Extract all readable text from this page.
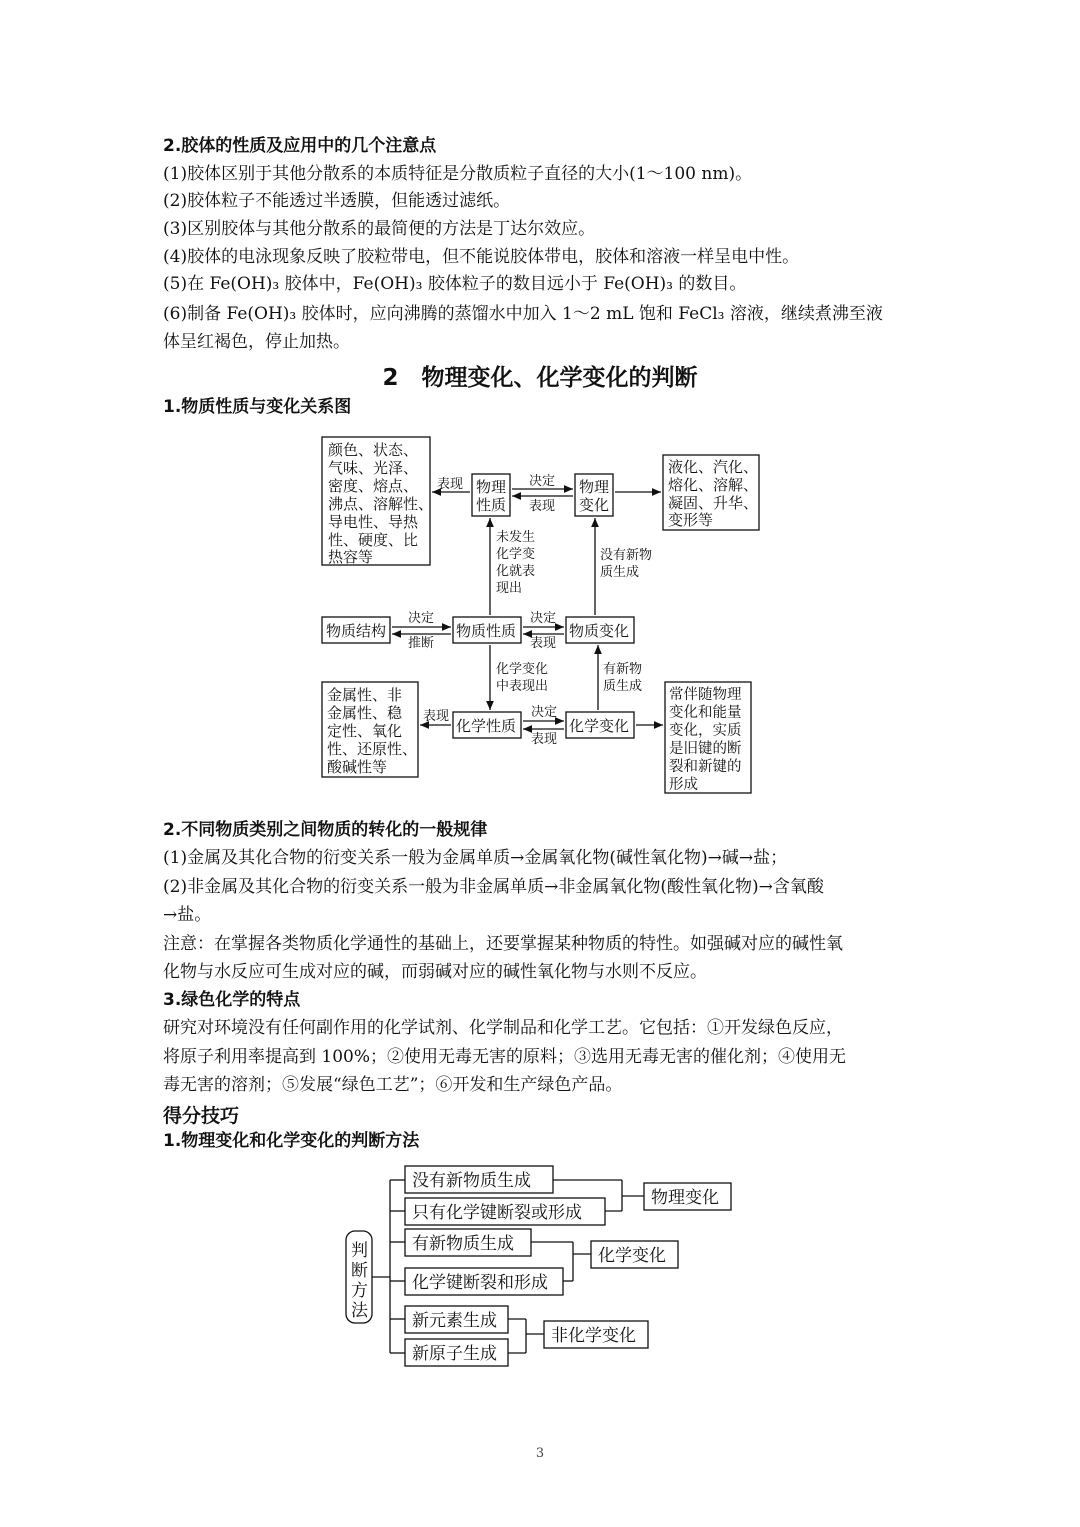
2.胶体的性质及应用中的几个注意点
(1)胶体区别于其他分散系的本质特征是分散质粒子直径的大小(1～100 nm)。
(2)胶体粒子不能透过半透膜，但能透过滤纸。
(3)区别胶体与其他分散系的最简便的方法是丁达尔效应。
(4)胶体的电泳现象反映了胶粒带电，但不能说胶体带电，胶体和溶液一样呈电中性。
(5)在 Fe(OH)₃ 胶体中，Fe(OH)₃ 胶体粒子的数目远小于 Fe(OH)₃ 的数目。
(6)制备 Fe(OH)₃ 胶体时，应向沸腾的蒸馏水中加入 1～2 mL 饱和 FeCl₃ 溶液，继续煮沸至液
体呈红褐色，停止加热。
2　物理变化、化学变化的判断
1.物质性质与变化关系图
颜色、状态、
气味、光泽、
密度、熔点、
沸点、溶解性、
导电性、导热
性、硬度、比
热容等
物理
性质
物理
变化
液化、汽化、
熔化、溶解、
凝固、升华、
变形等
物质结构	物质性质	物质变化
化学性质	化学变化
金属性、非
金属性、稳
定性、氧化
性、还原性、
酸碱性等
常伴随物理
变化和能量
变化，实质
是旧键的断
裂和新键的
形成
表现	决定
表现
决定
推断
决定
表现
表现	决定
表现
未发生
化学变
化就表
现出
没有新物
质生成
化学变化
中表现出
有新物
质生成
判
断
方
法
没有新物质生成
只有化学键断裂或形成
物理变化
有新物质生成
化学键断裂和形成
化学变化
新元素生成
新原子生成
非化学变化
2.不同物质类别之间物质的转化的一般规律
(1)金属及其化合物的衍变关系一般为金属单质→金属氧化物(碱性氧化物)→碱→盐；
(2)非金属及其化合物的衍变关系一般为非金属单质→非金属氧化物(酸性氧化物)→含氧酸
→盐。
注意：在掌握各类物质化学通性的基础上，还要掌握某种物质的特性。如强碱对应的碱性氧
化物与水反应可生成对应的碱，而弱碱对应的碱性氧化物与水则不反应。
3.绿色化学的特点
研究对环境没有任何副作用的化学试剂、化学制品和化学工艺。它包括：①开发绿色反应，
将原子利用率提高到 100%；②使用无毒无害的原料；③选用无毒无害的催化剂；④使用无
毒无害的溶剂；⑤发展“绿色工艺”；⑥开发和生产绿色产品。
得分技巧
1.物理变化和化学变化的判断方法
3
